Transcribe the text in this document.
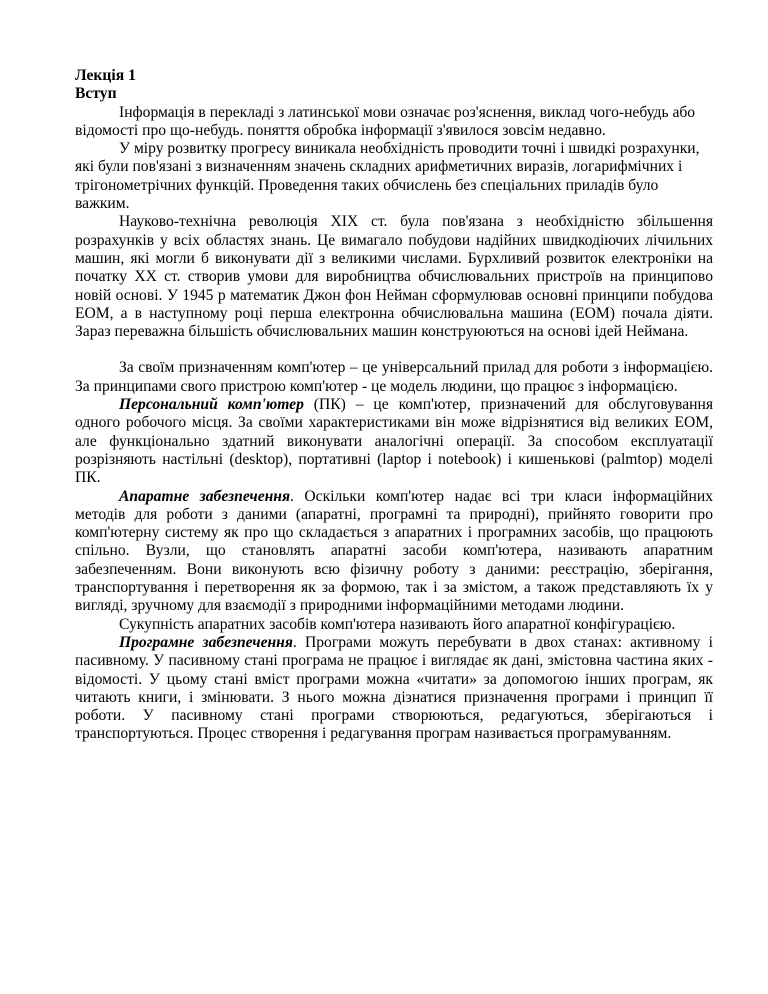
Лекція 1
Вступ

Інформація в перекладі з латинської мови означає роз'яснення, виклад чого-небудь або відомості про що-небудь. поняття обробка інформації з'явилося зовсім недавно.

У міру розвитку прогресу виникала необхідність проводити точні і швидкі розрахунки, які були пов'язані з визначенням значень складних арифметичних виразів, логарифмічних і трігонометрічних функцій. Проведення таких обчислень без спеціальних приладів було важким.

Науково-технічна революція XIX ст. була пов'язана з необхідністю збільшення розрахунків у всіх областях знань. Це вимагало побудови надійних швидкодіючих лічильних машин, які могли б виконувати дії з великими числами. Бурхливий розвиток електроніки на початку XX ст. створив умови для виробництва обчислювальних пристроїв на принципово новій основі. У 1945 р математик Джон фон Нейман сформулював основні принципи побудова ЕОМ, а в наступному році перша електронна обчислювальна машина (ЕОМ) почала діяти. Зараз переважна більшість обчислювальних машин конструюються на основі ідей Неймана.

За своїм призначенням комп'ютер – це універсальний прилад для роботи з інформацією. За принципами свого пристрою комп'ютер - це модель людини, що працює з інформацією.

Персональний комп'ютер (ПК) – це комп'ютер, призначений для обслуговування одного робочого місця. За своїми характеристиками він може відрізнятися від великих ЕОМ, але функціонально здатний виконувати аналогічні операції. За способом експлуатації розрізняють настільні (desktop), портативні (laptop і notebook) і кишенькові (palmtop) моделі ПК.

Апаратне забезпечення. Оскільки комп'ютер надає всі три класи інформаційних методів для роботи з даними (апаратні, програмні та природні), прийнято говорити про комп'ютерну систему як про що складається з апаратних і програмних засобів, що працюють спільно. Вузли, що становлять апаратні засоби комп'ютера, називають апаратним забезпеченням. Вони виконують всю фізичну роботу з даними: реєстрацію, зберігання, транспортування і перетворення як за формою, так і за змістом, а також представляють їх у вигляді, зручному для взаємодії з природними інформаційними методами людини.

Сукупність апаратних засобів комп'ютера називають його апаратної конфігурацією.

Програмне забезпечення. Програми можуть перебувати в двох станах: активному і пасивному. У пасивному стані програма не працює і виглядає як дані, змістовна частина яких - відомості. У цьому стані вміст програми можна «читати» за допомогою інших програм, як читають книги, і змінювати. З нього можна дізнатися призначення програми і принцип її роботи. У пасивному стані програми створюються, редагуються, зберігаються і транспортуються. Процес створення і редагування програм називається програмуванням.
